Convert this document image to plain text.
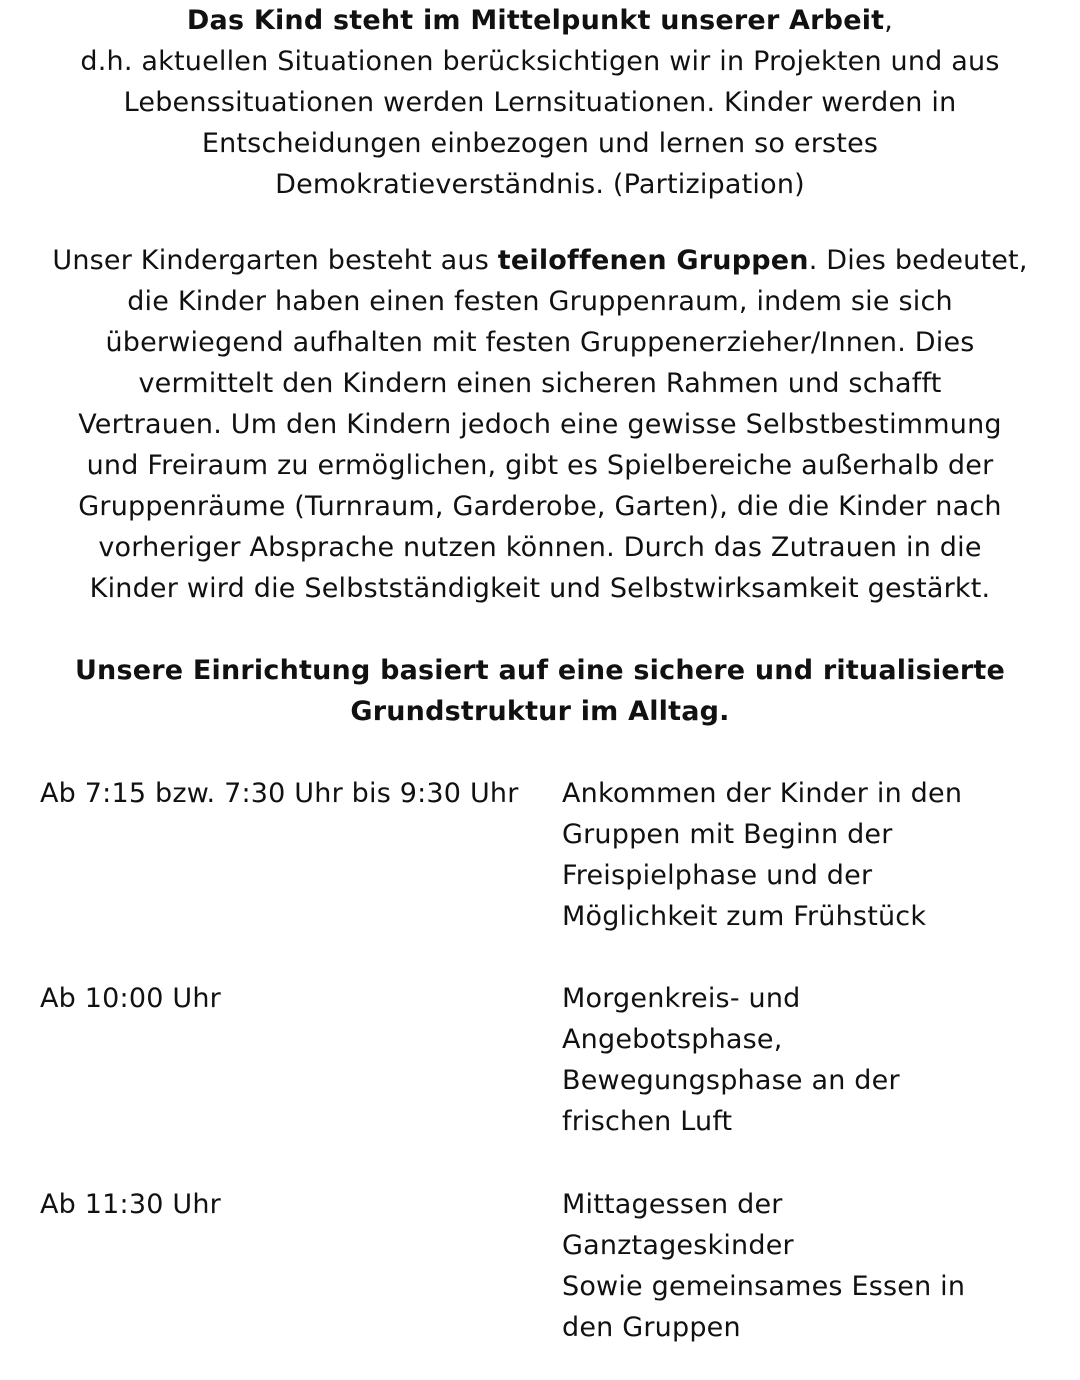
Das Kind steht im Mittelpunkt unserer Arbeit,
d.h. aktuellen Situationen berücksichtigen wir in Projekten und aus
Lebenssituationen werden Lernsituationen. Kinder werden in
Entscheidungen einbezogen und lernen so erstes
Demokratieverständnis. (Partizipation)

Unser Kindergarten besteht aus teiloffenen Gruppen. Dies bedeutet,
die Kinder haben einen festen Gruppenraum, indem sie sich
überwiegend aufhalten mit festen Gruppenerzieher/Innen. Dies
vermittelt den Kindern einen sicheren Rahmen und schafft
Vertrauen. Um den Kindern jedoch eine gewisse Selbstbestimmung
und Freiraum zu ermöglichen, gibt es Spielbereiche außerhalb der
Gruppenräume (Turnraum, Garderobe, Garten), die die Kinder nach
vorheriger Absprache nutzen können. Durch das Zutrauen in die
Kinder wird die Selbstständigkeit und Selbstwirksamkeit gestärkt.

Unsere Einrichtung basiert auf eine sichere und ritualisierte
Grundstruktur im Alltag.

Ab 7:15 bzw. 7:30 Uhr bis 9:30 Uhr Ankommen der Kinder in den
Gruppen mit Beginn der
Freispielphase und der
Möglichkeit zum Frühstück
Ab 10:00 Uhr	Morgenkreis- und
Angebotsphase,
Bewegungsphase an der
frischen Luft
Ab 11:30 Uhr	Mittagessen der
Ganztageskinder
Sowie gemeinsames Essen in
den Gruppen
